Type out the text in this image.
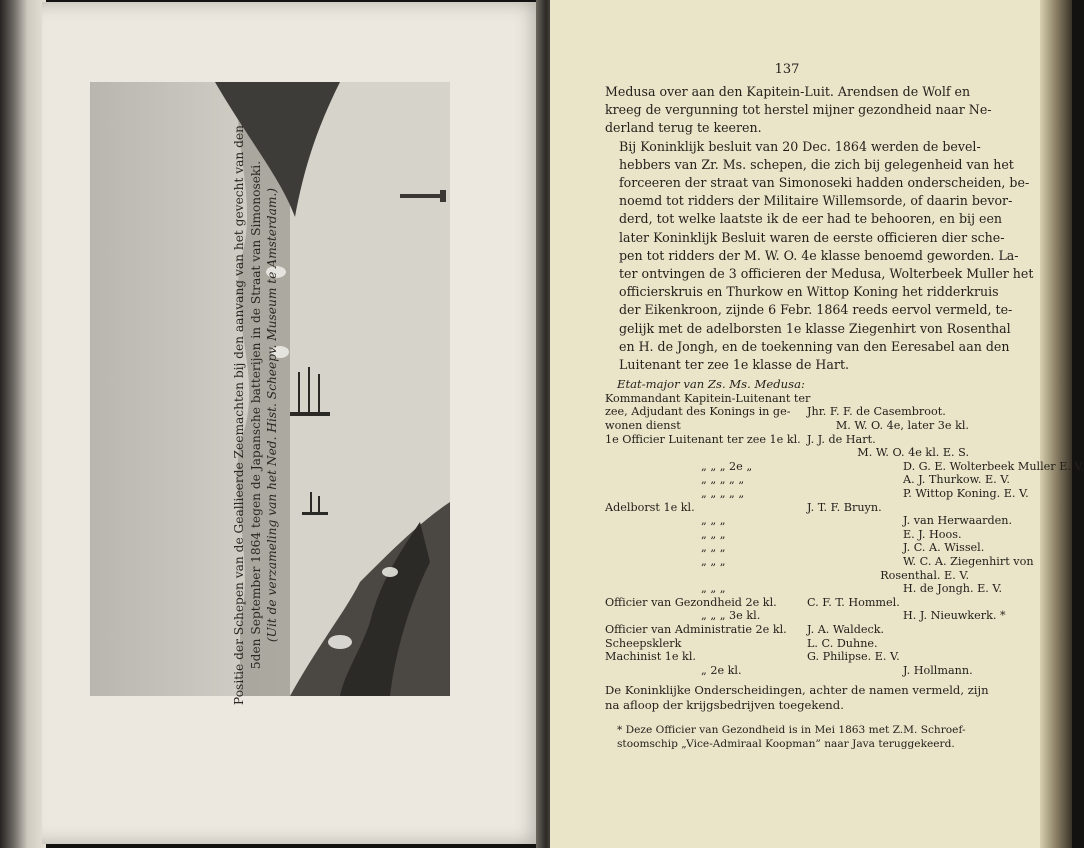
Positie der Schepen van de Geallieerde Zeemachten bij den aanvang van het gevecht van den 5den September 1864 tegen de Japansche batterijen in de Straat van Simonoseki. (Uit de verzameling van het Ned. Hist. Scheepv. Museum te Amsterdam.)
137
Medusa over aan den Kapitein-Luit. Arendsen de Wolf en
kreeg de vergunning tot herstel mijner gezondheid naar Ne-
derland terug te keeren.
Bij Koninklijk besluit van 20 Dec. 1864 werden de bevel-
hebbers van Zr. Ms. schepen, die zich bij gelegenheid van het
forceeren der straat van Simonoseki hadden onderscheiden, be-
noemd tot ridders der Militaire Willemsorde, of daarin bevor-
derd, tot welke laatste ik de eer had te behooren, en bij een
later Koninklijk Besluit waren de eerste officieren dier sche-
pen tot ridders der M. W. O. 4e klasse benoemd geworden. La-
ter ontvingen de 3 officieren der Medusa, Wolterbeek Muller het
officierskruis en Thurkow en Wittop Koning het ridderkruis
der Eikenkroon, zijnde 6 Febr. 1864 reeds eervol vermeld, te-
gelijk met de adelborsten 1e klasse Ziegenhirt von Rosenthal
en H. de Jongh, en de toekenning van den Eeresabel aan den
Luitenant ter zee 1e klasse de Hart.
Etat-major van Zs. Ms. Medusa:
Kommandant Kapitein-Luitenant ter
zee, Adjudant des Konings in ge-	Jhr. F. F. de Casembroot.
wonen dienst	M. W. O. 4e, later 3e kl.
1e Officier Luitenant ter zee 1e kl. J. J. de Hart.
M. W. O. 4e kl. E. S.
„ „ „ 2e „	D. G. E. Wolterbeek Muller E. V.
„ „ „ „ „	A. J. Thurkow. E. V.
„ „ „ „ „	P. Wittop Koning. E. V.
Adelborst 1e kl.	J. T. F. Bruyn.
„ „ „	J. van Herwaarden.
„ „ „	E. J. Hoos.
„ „ „	J. C. A. Wissel.
„ „ „	W. C. A. Ziegenhirt von
Rosenthal. E. V.
„ „ „	H. de Jongh. E. V.
Officier van Gezondheid 2e kl.	C. F. T. Hommel.
„ „ „ 3e kl.	H. J. Nieuwkerk. *
Officier van Administratie 2e kl.	J. A. Waldeck.
Scheepsklerk	L. C. Duhne.
Machinist 1e kl.	G. Philipse. E. V.
„ 2e kl.	J. Hollmann.
De Koninklijke Onderscheidingen, achter de namen vermeld, zijn
na afloop der krijgsbedrijven toegekend.
* Deze Officier van Gezondheid is in Mei 1863 met Z.M. Schroef-
stoomschip „Vice-Admiraal Koopman” naar Java teruggekeerd.
